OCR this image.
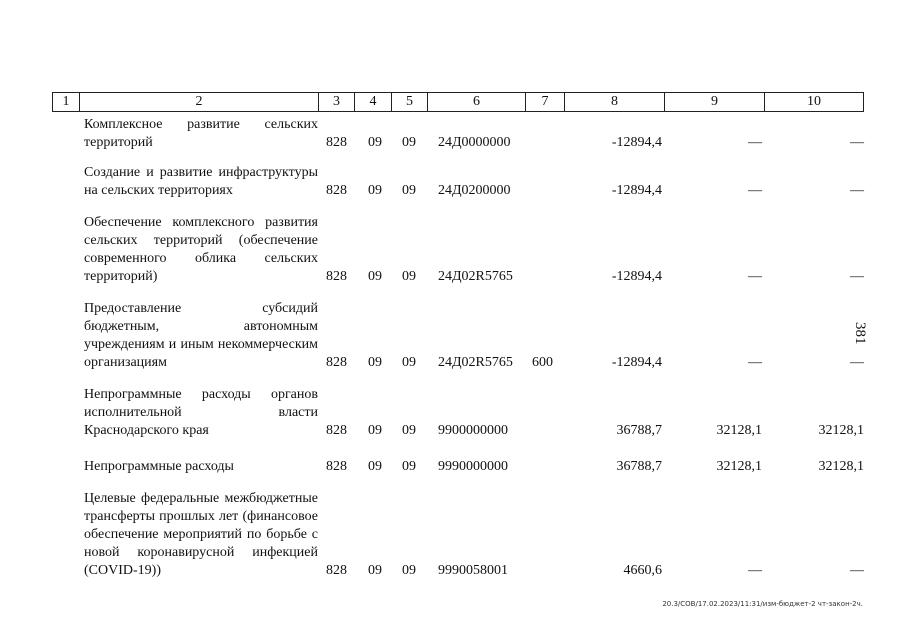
1	2	3	4	5	6	7	8	9	10
Комплексное развитие сельских территорий	828 09 09 24Д0000000	-12894,4	—	—
Создание и развитие инфраструктуры на сельских территориях	828 09 09 24Д0200000	-12894,4	—	—
Обеспечение комплексного развития сельских территорий (обеспечение современного облика сельских территорий)	828 09 09 24Д02R5765	-12894,4	—	—
Предоставление субсидий бюджетным, автономным учреждениям и иным некоммерческим организациям	828 09 09 24Д02R5765 600	-12894,4	—	—
Непрограммные расходы органов исполнительной власти Краснодарского края	828 09 09 9900000000	36788,7	32128,1	32128,1
Непрограммные расходы	828 09 09 9990000000	36788,7	32128,1	32128,1
Целевые федеральные межбюджетные трансферты прошлых лет (финансовое обеспечение мероприятий по борьбе с новой коронавирусной инфекцией (COVID-19))	828 09 09 9990058001	4660,6	—	—
381
20.3/СОВ/17.02.2023/11:31/изм-бюджет-2 чт-закон-2ч.
